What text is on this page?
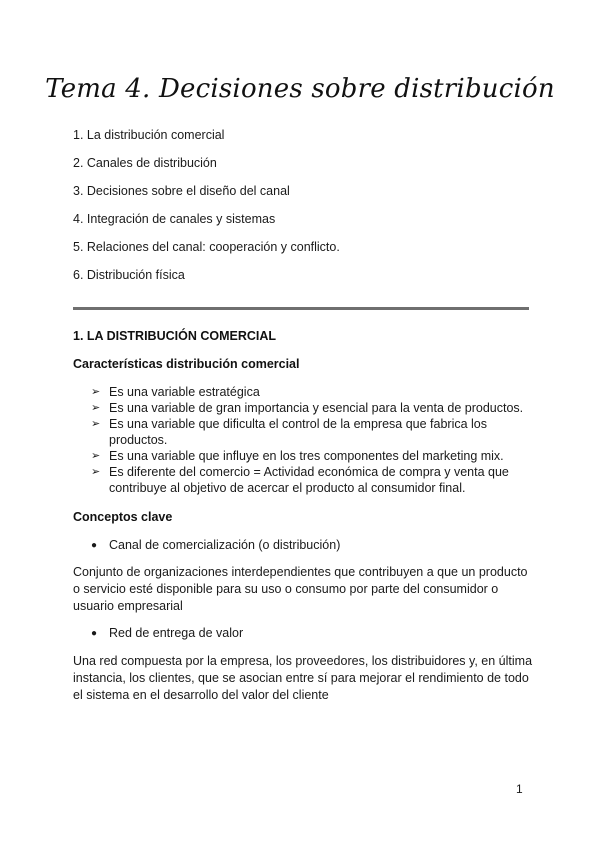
Tema 4. Decisiones sobre distribución
1. La distribución comercial
2. Canales de distribución
3. Decisiones sobre el diseño del canal
4. Integración de canales y sistemas
5. Relaciones del canal: cooperación y conflicto.
6. Distribución física
1. LA DISTRIBUCIÓN COMERCIAL
Características distribución comercial
➢ Es una variable estratégica
➢ Es una variable de gran importancia y esencial para la venta de productos.
➢ Es una variable que dificulta el control de la empresa que fabrica los productos.
➢ Es una variable que influye en los tres componentes del marketing mix.
➢ Es diferente del comercio = Actividad económica de compra y venta que contribuye al objetivo de acercar el producto al consumidor final.
Conceptos clave
● Canal de comercialización (o distribución)
Conjunto de organizaciones interdependientes que contribuyen a que un producto o servicio esté disponible para su uso o consumo por parte del consumidor o usuario empresarial
● Red de entrega de valor
Una red compuesta por la empresa, los proveedores, los distribuidores y, en última instancia, los clientes, que se asocian entre sí para mejorar el rendimiento de todo el sistema en el desarrollo del valor del cliente
1
